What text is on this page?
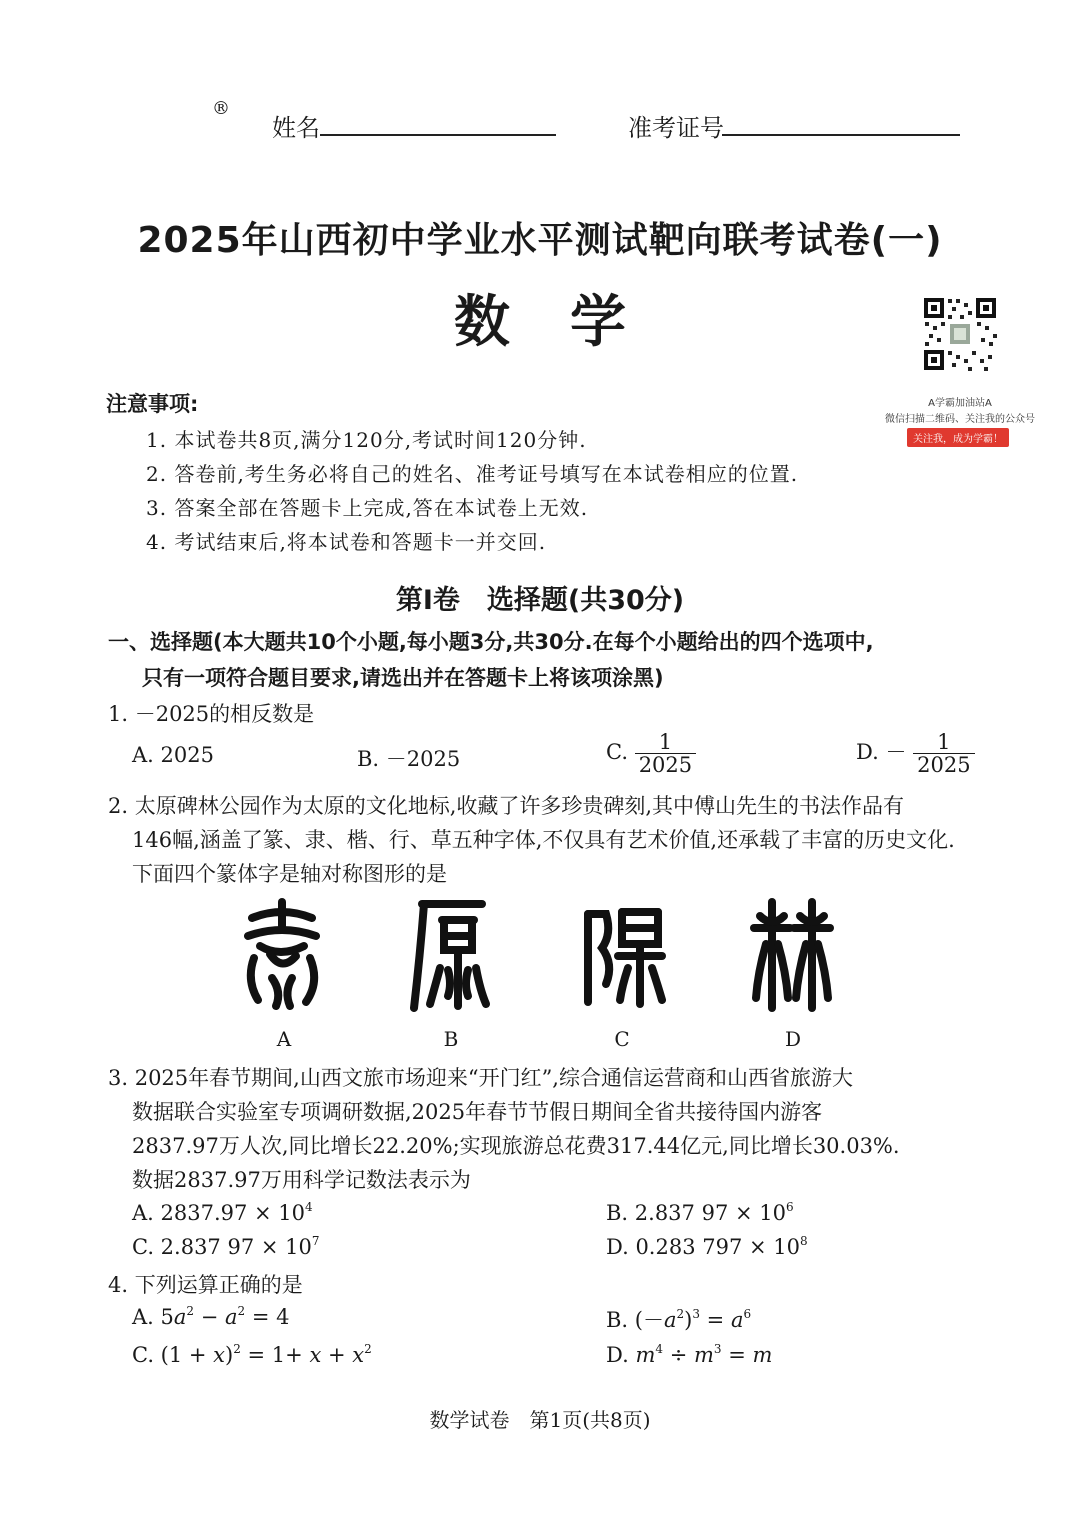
®
姓名	准考证号
2025年山西初中学业水平测试靶向联考试卷(一)
数学
A学霸加油站A
微信扫描二维码、关注我的公众号
关注我，成为学霸！
注意事项:
1. 本试卷共8页,满分120分,考试时间120分钟.
2. 答卷前,考生务必将自己的姓名、准考证号填写在本试卷相应的位置.
3. 答案全部在答题卡上完成,答在本试卷上无效.
4. 考试结束后,将本试卷和答题卡一并交回.
第Ⅰ卷　选择题(共30分)
一、选择题(本大题共10个小题,每小题3分,共30分.在每个小题给出的四个选项中,
只有一项符合题目要求,请选出并在答题卡上将该项涂黑)
1. －2025的相反数是
A. 2025	B. －2025	C. $\frac{1}{2025}$	D. － $\frac{1}{2025}$
2. 太原碑林公园作为太原的文化地标,收藏了许多珍贵碑刻,其中傅山先生的书法作品有
146幅,涵盖了篆、隶、楷、行、草五种字体,不仅具有艺术价值,还承载了丰富的历史文化.
下面四个篆体字是轴对称图形的是
A	B	C	D
3. 2025年春节期间,山西文旅市场迎来“开门红”,综合通信运营商和山西省旅游大
数据联合实验室专项调研数据,2025年春节节假日期间全省共接待国内游客
2837.97万人次,同比增长22.20%;实现旅游总花费317.44亿元,同比增长30.03%.
数据2837.97万用科学记数法表示为
A. $2837.97 \times 10^4$	B. 2.837 $97 \times 10^6$
C. 2.837 $97 \times 10^7$	D. 0.283 $797 \times 10^8$
4. 下列运算正确的是
A. $5a^2 - a^2 = 4$	B. $(-a^2)^3 = a^6$
C. $(1 + x)^2 = 1+ x + x^2$	D. $m^4 \div m^3 = m$
数学试卷　第1页(共8页)
